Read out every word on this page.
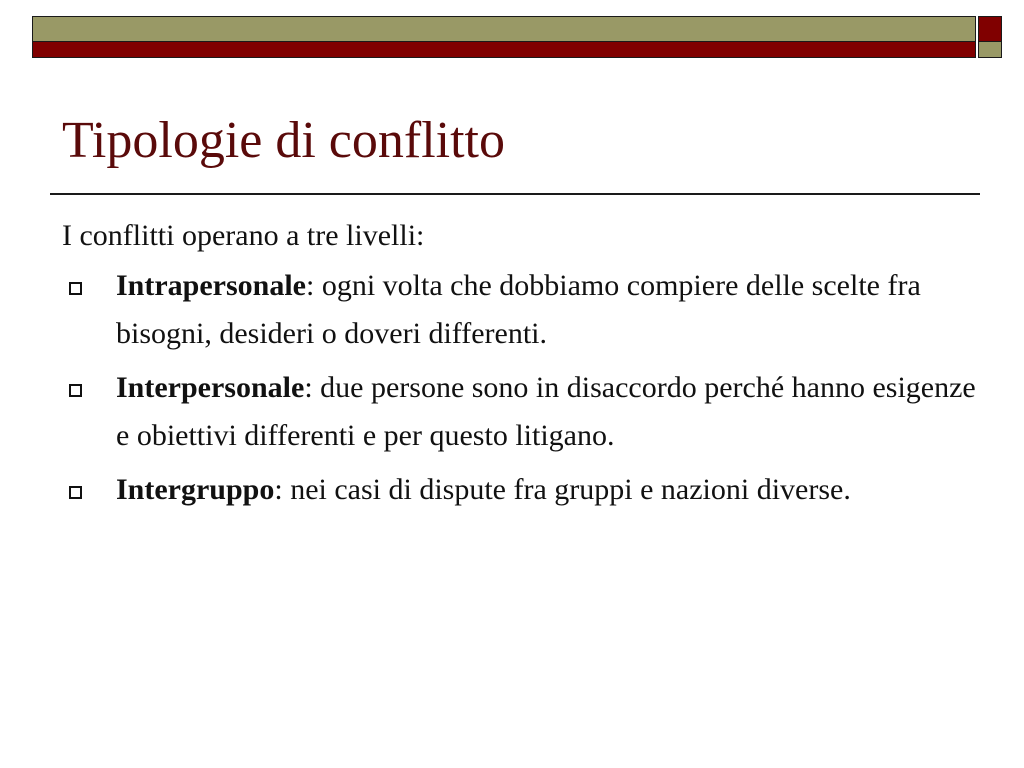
Tipologie di conflitto

I conflitti operano a tre livelli:

Intrapersonale: ogni volta che dobbiamo compiere delle scelte fra bisogni, desideri o doveri differenti.
Interpersonale: due persone sono in disaccordo perché hanno esigenze e obiettivi differenti e per questo litigano.
Intergruppo: nei casi di dispute fra gruppi e nazioni diverse.
